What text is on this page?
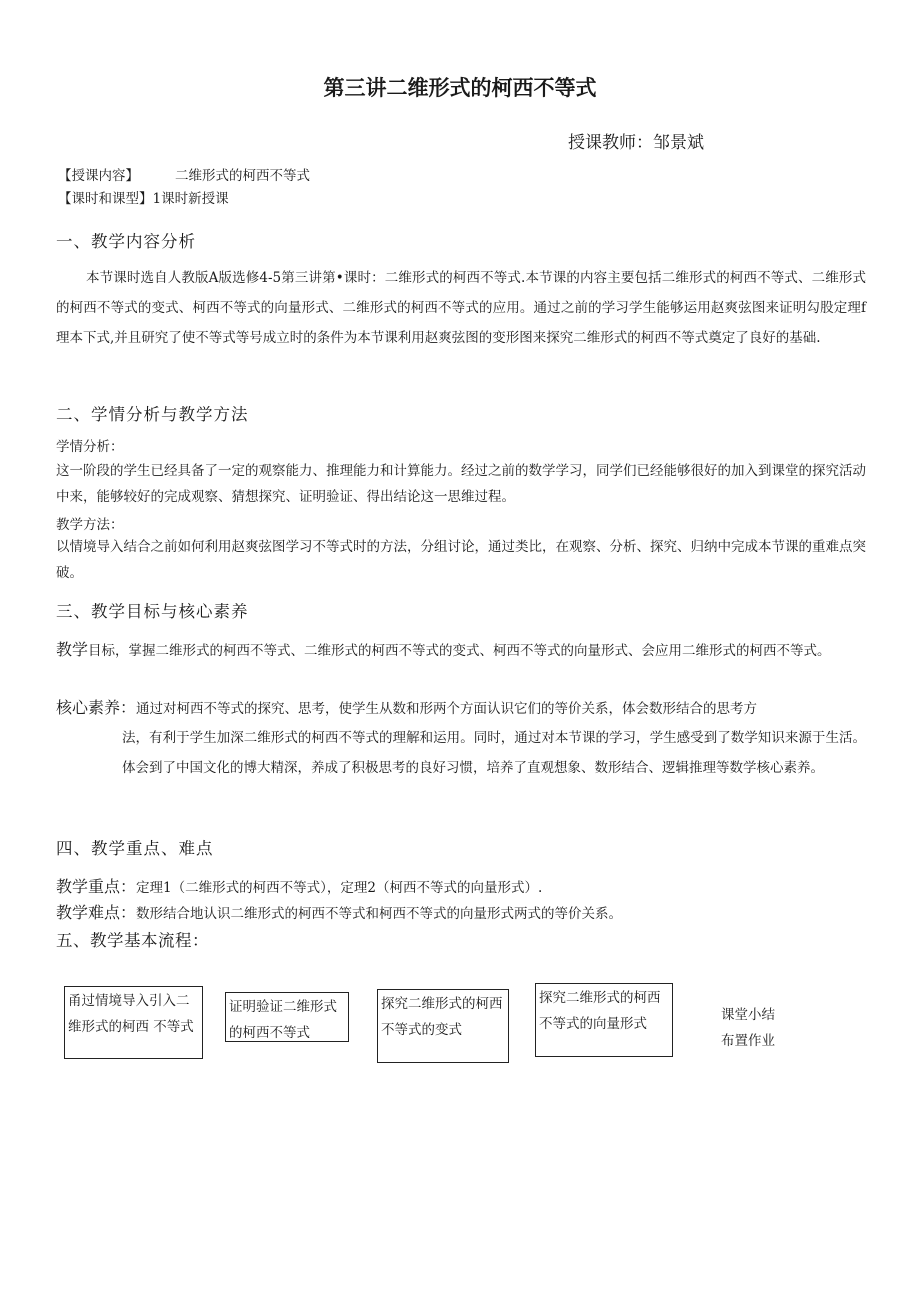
第三讲二维形式的柯西不等式
授课教师：邹景斌
【授课内容】	二维形式的柯西不等式
【课时和课型】1课时新授课
一、教学内容分析

本节课时选自人教版A版选修4-5第三讲第•课时：二维形式的柯西不等式.本节课的内容主要包括二维形式的柯西不等式、二维形式的柯西不等式的变式、柯西不等式的向量形式、二维形式的柯西不等式的应用。通过之前的学习学生能够运用赵爽弦图来证明勾股定理f理本下式,并且研究了使不等式等号成立时的条件为本节课利用赵爽弦图的变形图来探究二维形式的柯西不等式奠定了良好的基础.

二、学情分析与教学方法
学情分析：

这一阶段的学生已经具备了一定的观察能力、推理能力和计算能力。经过之前的数学学习，同学们已经能够很好的加入到课堂的探究活动中来，能够较好的完成观察、猜想探究、证明验证、得出结论这一思维过程。

教学方法：

以情境导入结合之前如何利用赵爽弦图学习不等式时的方法，分组讨论，通过类比，在观察、分析、探究、归纳中完成本节课的重难点突破。

三、教学目标与核心素养

教学目标，掌握二维形式的柯西不等式、二维形式的柯西不等式的变式、柯西不等式的向量形式、会应用二维形式的柯西不等式。

核心素养：通过对柯西不等式的探究、思考，使学生从数和形两个方面认识它们的等价关系，体会数形结合的思考方

法，有利于学生加深二维形式的柯西不等式的理解和运用。同时，通过对本节课的学习，学生感受到了数学知识来源于生活。体会到了中国文化的博大精深，养成了积极思考的良好习惯，培养了直观想象、数形结合、逻辑推理等数学核心素养。

四、教学重点、难点
教学重点：定理1（二维形式的柯西不等式），定理2（柯西不等式的向量形式）.
教学难点：数形结合地认识二维形式的柯西不等式和柯西不等式的向量形式两式的等价关系。
五、教学基本流程：
甬过情境导入引入二维形式的柯西 不等式
证明验证二维形式的柯西不等式
探究二维形式的柯西不等式的变式
探究二维形式的柯西不等式的向量形式
课堂小结
布置作业
